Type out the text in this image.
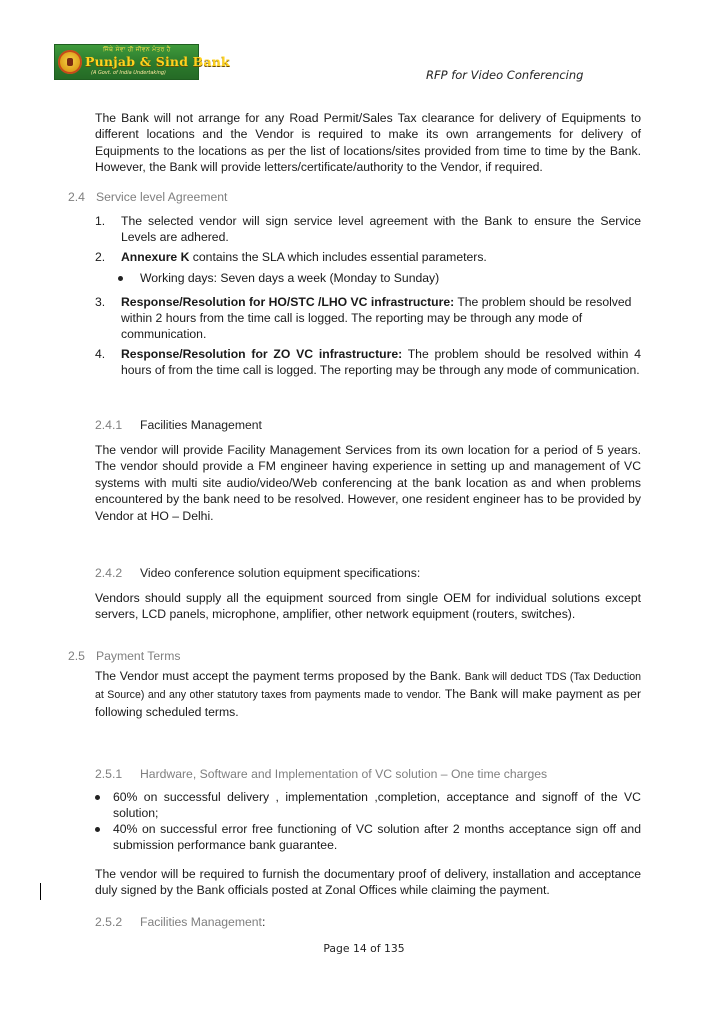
ਜਿੱਥੇ ਸੇਵਾ ਹੀ ਜੀਵਨ ਮੰਤਰ ਹੈ
Punjab & Sind Bank
(A Govt. of India Undertaking)	RFP for Video Conferencing

The Bank will not arrange for any Road Permit/Sales Tax clearance for delivery of Equipments to different locations and the Vendor is required to make its own arrangements for delivery of Equipments to the locations as per the list of locations/sites provided from time to time by the Bank. However, the Bank will provide letters/certificate/authority to the Vendor, if required.

2.4 Service level Agreement
1. The selected vendor will sign service level agreement with the Bank to ensure the Service Levels are adhered.
2. Annexure K contains the SLA which includes essential parameters.
Working days: Seven days a week (Monday to Sunday)
3. Response/Resolution for HO/STC /LHO VC infrastructure: The problem should be resolved within 2 hours from the time call is logged. The reporting may be through any mode of communication.
4. Response/Resolution for ZO VC infrastructure: The problem should be resolved within 4 hours of from the time call is logged. The reporting may be through any mode of communication.
2.4.1 Facilities Management

The vendor will provide Facility Management Services from its own location for a period of 5 years. The vendor should provide a FM engineer having experience in setting up and management of VC systems with multi site audio/video/Web conferencing at the bank location as and when problems encountered by the bank need to be resolved. However, one resident engineer has to be provided by Vendor at HO – Delhi.

2.4.2 Video conference solution equipment specifications:

Vendors should supply all the equipment sourced from single OEM for individual solutions except servers, LCD panels, microphone, amplifier, other network equipment (routers, switches).

2.5 Payment Terms

The Vendor must accept the payment terms proposed by the Bank. Bank will deduct TDS (Tax Deduction at Source) and any other statutory taxes from payments made to vendor. The Bank will make payment as per following scheduled terms.

2.5.1 Hardware, Software and Implementation of VC solution – One time charges
60% on successful delivery , implementation ,completion, acceptance and signoff of the VC solution;
40% on successful error free functioning of VC solution after 2 months acceptance sign off and submission performance bank guarantee.

The vendor will be required to furnish the documentary proof of delivery, installation and acceptance duly signed by the Bank officials posted at Zonal Offices while claiming the payment.

2.5.2 Facilities Management:
Page 14 of 135
